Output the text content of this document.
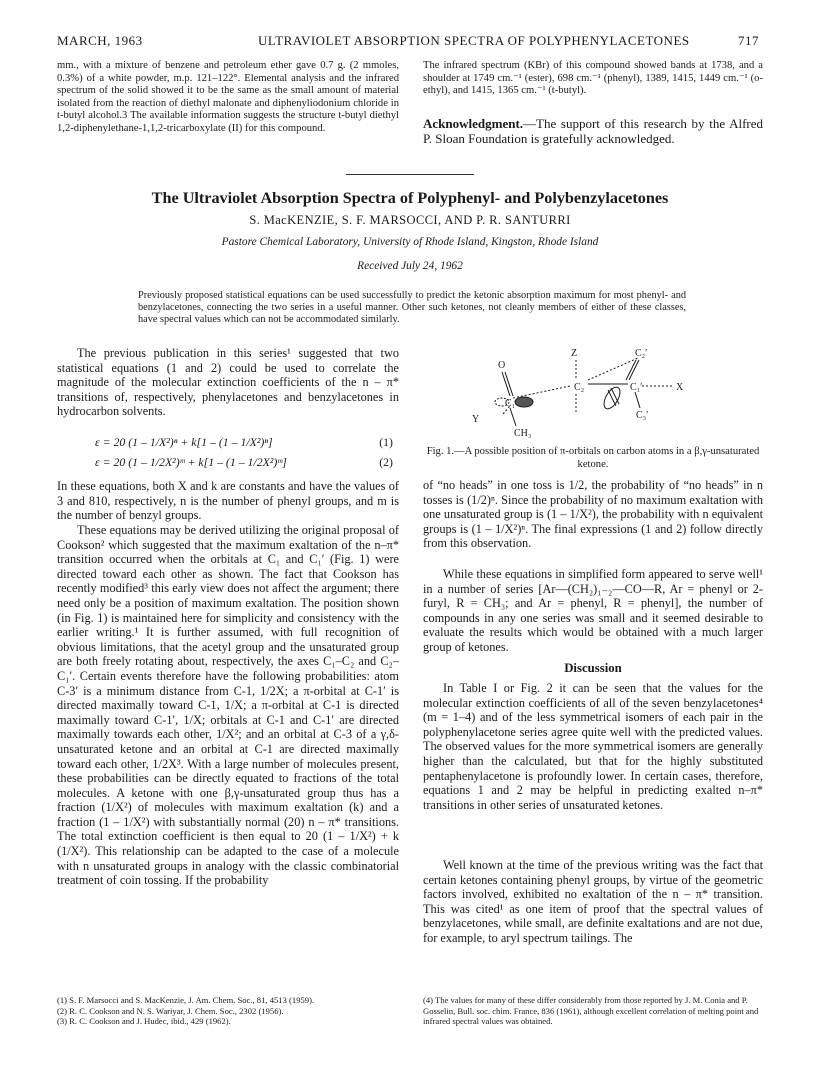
MARCH, 1963	ULTRAVIOLET ABSORPTION SPECTRA OF POLYPHENYLACETONES	717

mm., with a mixture of benzene and petroleum ether gave 0.7 g. (2 mmoles, 0.3%) of a white powder, m.p. 121–122°. Elemental analysis and the infrared spectrum of the solid showed it to be the same as the small amount of material isolated from the reaction of diethyl malonate and diphenyliodonium chloride in t-butyl alcohol.3 The available information suggests the structure t-butyl diethyl 1,2-diphenylethane-1,1,2-tricarboxylate (II) for this compound.

The infrared spectrum (KBr) of this compound showed bands at 1738, and a shoulder at 1749 cm.⁻¹ (ester), 698 cm.⁻¹ (phenyl), 1389, 1415, 1449 cm.⁻¹ (o-ethyl), and 1415, 1365 cm.⁻¹ (t-butyl).

Acknowledgment.—The support of this research by the Alfred P. Sloan Foundation is gratefully acknowledged.

The Ultraviolet Absorption Spectra of Polyphenyl- and Polybenzylacetones
S. MacKENZIE, S. F. MARSOCCI, AND P. R. SANTURRI
Pastore Chemical Laboratory, University of Rhode Island, Kingston, Rhode Island
Received July 24, 1962

Previously proposed statistical equations can be used successfully to predict the ketonic absorption maximum for most phenyl- and benzylacetones, connecting the two series in a useful manner. Other such ketones, not cleanly members of either of these classes, have spectral values which can not be accommodated similarly.

The previous publication in this series¹ suggested that two statistical equations (1 and 2) could be used to correlate the magnitude of the molecular extinction coefficients of the n – π* transitions of, respectively, phenylacetones and benzylacetones in hydrocarbon solvents.

ε = 20 (1 – 1/X²)ⁿ + k[1 – (1 – 1/X²)ⁿ]	(1)
ε = 20 (1 – 1/2X²)ᵐ + k[1 – (1 – 1/2X²)ᵐ]	(2)

In these equations, both X and k are constants and have the values of 3 and 810, respectively, n is the number of phenyl groups, and m is the number of benzyl groups.

These equations may be derived utilizing the original proposal of Cookson² which suggested that the maximum exaltation of the n–π* transition occurred when the orbitals at C₁ and C₁′ (Fig. 1) were directed toward each other as shown. The fact that Cookson has recently modified³ this early view does not affect the argument; there need only be a position of maximum exaltation. The position shown (in Fig. 1) is maintained here for simplicity and consistency with the earlier writing.¹ It is further assumed, with full recognition of obvious limitations, that the acetyl group and the unsaturated group are both freely rotating about, respectively, the axes C₁–C₂ and C₂–C₁′. Certain events therefore have the following probabilities: atom C-3′ is a minimum distance from C-1, 1/2X; a π-orbital at C-1′ is directed maximally toward C-1, 1/X; a π-orbital at C-1 is directed maximally toward C-1′, 1/X; orbitals at C-1 and C-1′ are directed maximally towards each other, 1/X²; and an orbital at C-3 of a γ,δ-unsaturated ketone and an orbital at C-1 are directed maximally toward each other, 1/2X³. With a large number of molecules present, these probabilities can be directly equated to fractions of the total molecules. A ketone with one β,γ-unsaturated group thus has a fraction (1/X²) of molecules with maximum exaltation (k) and a fraction (1 – 1/X²) with substantially normal (20) n – π* transitions. The total extinction coefficient is then equal to 20 (1 – 1/X²) + k (1/X²). This relationship can be adapted to the case of a molecule with n unsaturated groups in analogy with the classic combinatorial treatment of coin tossing. If the probability

O
Z	C₂′
C₂	C₁′	X
C₁
C₃′
Y
CH₃

Fig. 1.—A possible position of π-orbitals on carbon atoms in a β,γ-unsaturated ketone.

of “no heads” in one toss is 1/2, the probability of “no heads” in n tosses is (1/2)ⁿ. Since the probability of no maximum exaltation with one unsaturated group is (1 – 1/X²), the probability with n equivalent groups is (1 – 1/X²)ⁿ. The final expressions (1 and 2) follow directly from this observation.

While these equations in simplified form appeared to serve well¹ in a number of series [Ar—(CH₂)₁₋₂—CO—R, Ar = phenyl or 2-furyl, R = CH₃; and Ar = phenyl, R = phenyl], the number of compounds in any one series was small and it seemed desirable to evaluate the results which would be obtained with a much larger group of ketones.

Discussion

In Table I or Fig. 2 it can be seen that the values for the molecular extinction coefficients of all of the seven benzylacetones⁴ (m = 1–4) and of the less symmetrical isomers of each pair in the polyphenylacetone series agree quite well with the predicted values. The observed values for the more symmetrical isomers are generally higher than the calculated, but that for the highly substituted pentaphenylacetone is profoundly lower. In certain cases, therefore, equations 1 and 2 may be helpful in predicting exalted n–π* transitions in other series of unsaturated ketones.

Well known at the time of the previous writing was the fact that certain ketones containing phenyl groups, by virtue of the geometric factors involved, exhibited no exaltation of the n – π* transition. This was cited¹ as one item of proof that the spectral values of benzylacetones, while small, are definite exaltations and are not due, for example, to aryl spectrum tailings. The

(1) S. F. Marsocci and S. MacKenzie, J. Am. Chem. Soc., 81, 4513 (1959).

(2) R. C. Cookson and N. S. Wariyar, J. Chem. Soc., 2302 (1956).

(3) R. C. Cookson and J. Hudec, ibid., 429 (1962).

(4) The values for many of these differ considerably from those reported by J. M. Conia and P. Gosselin, Bull. soc. chim. France, 836 (1961), although excellent correlation of melting point and infrared spectral values was obtained.
